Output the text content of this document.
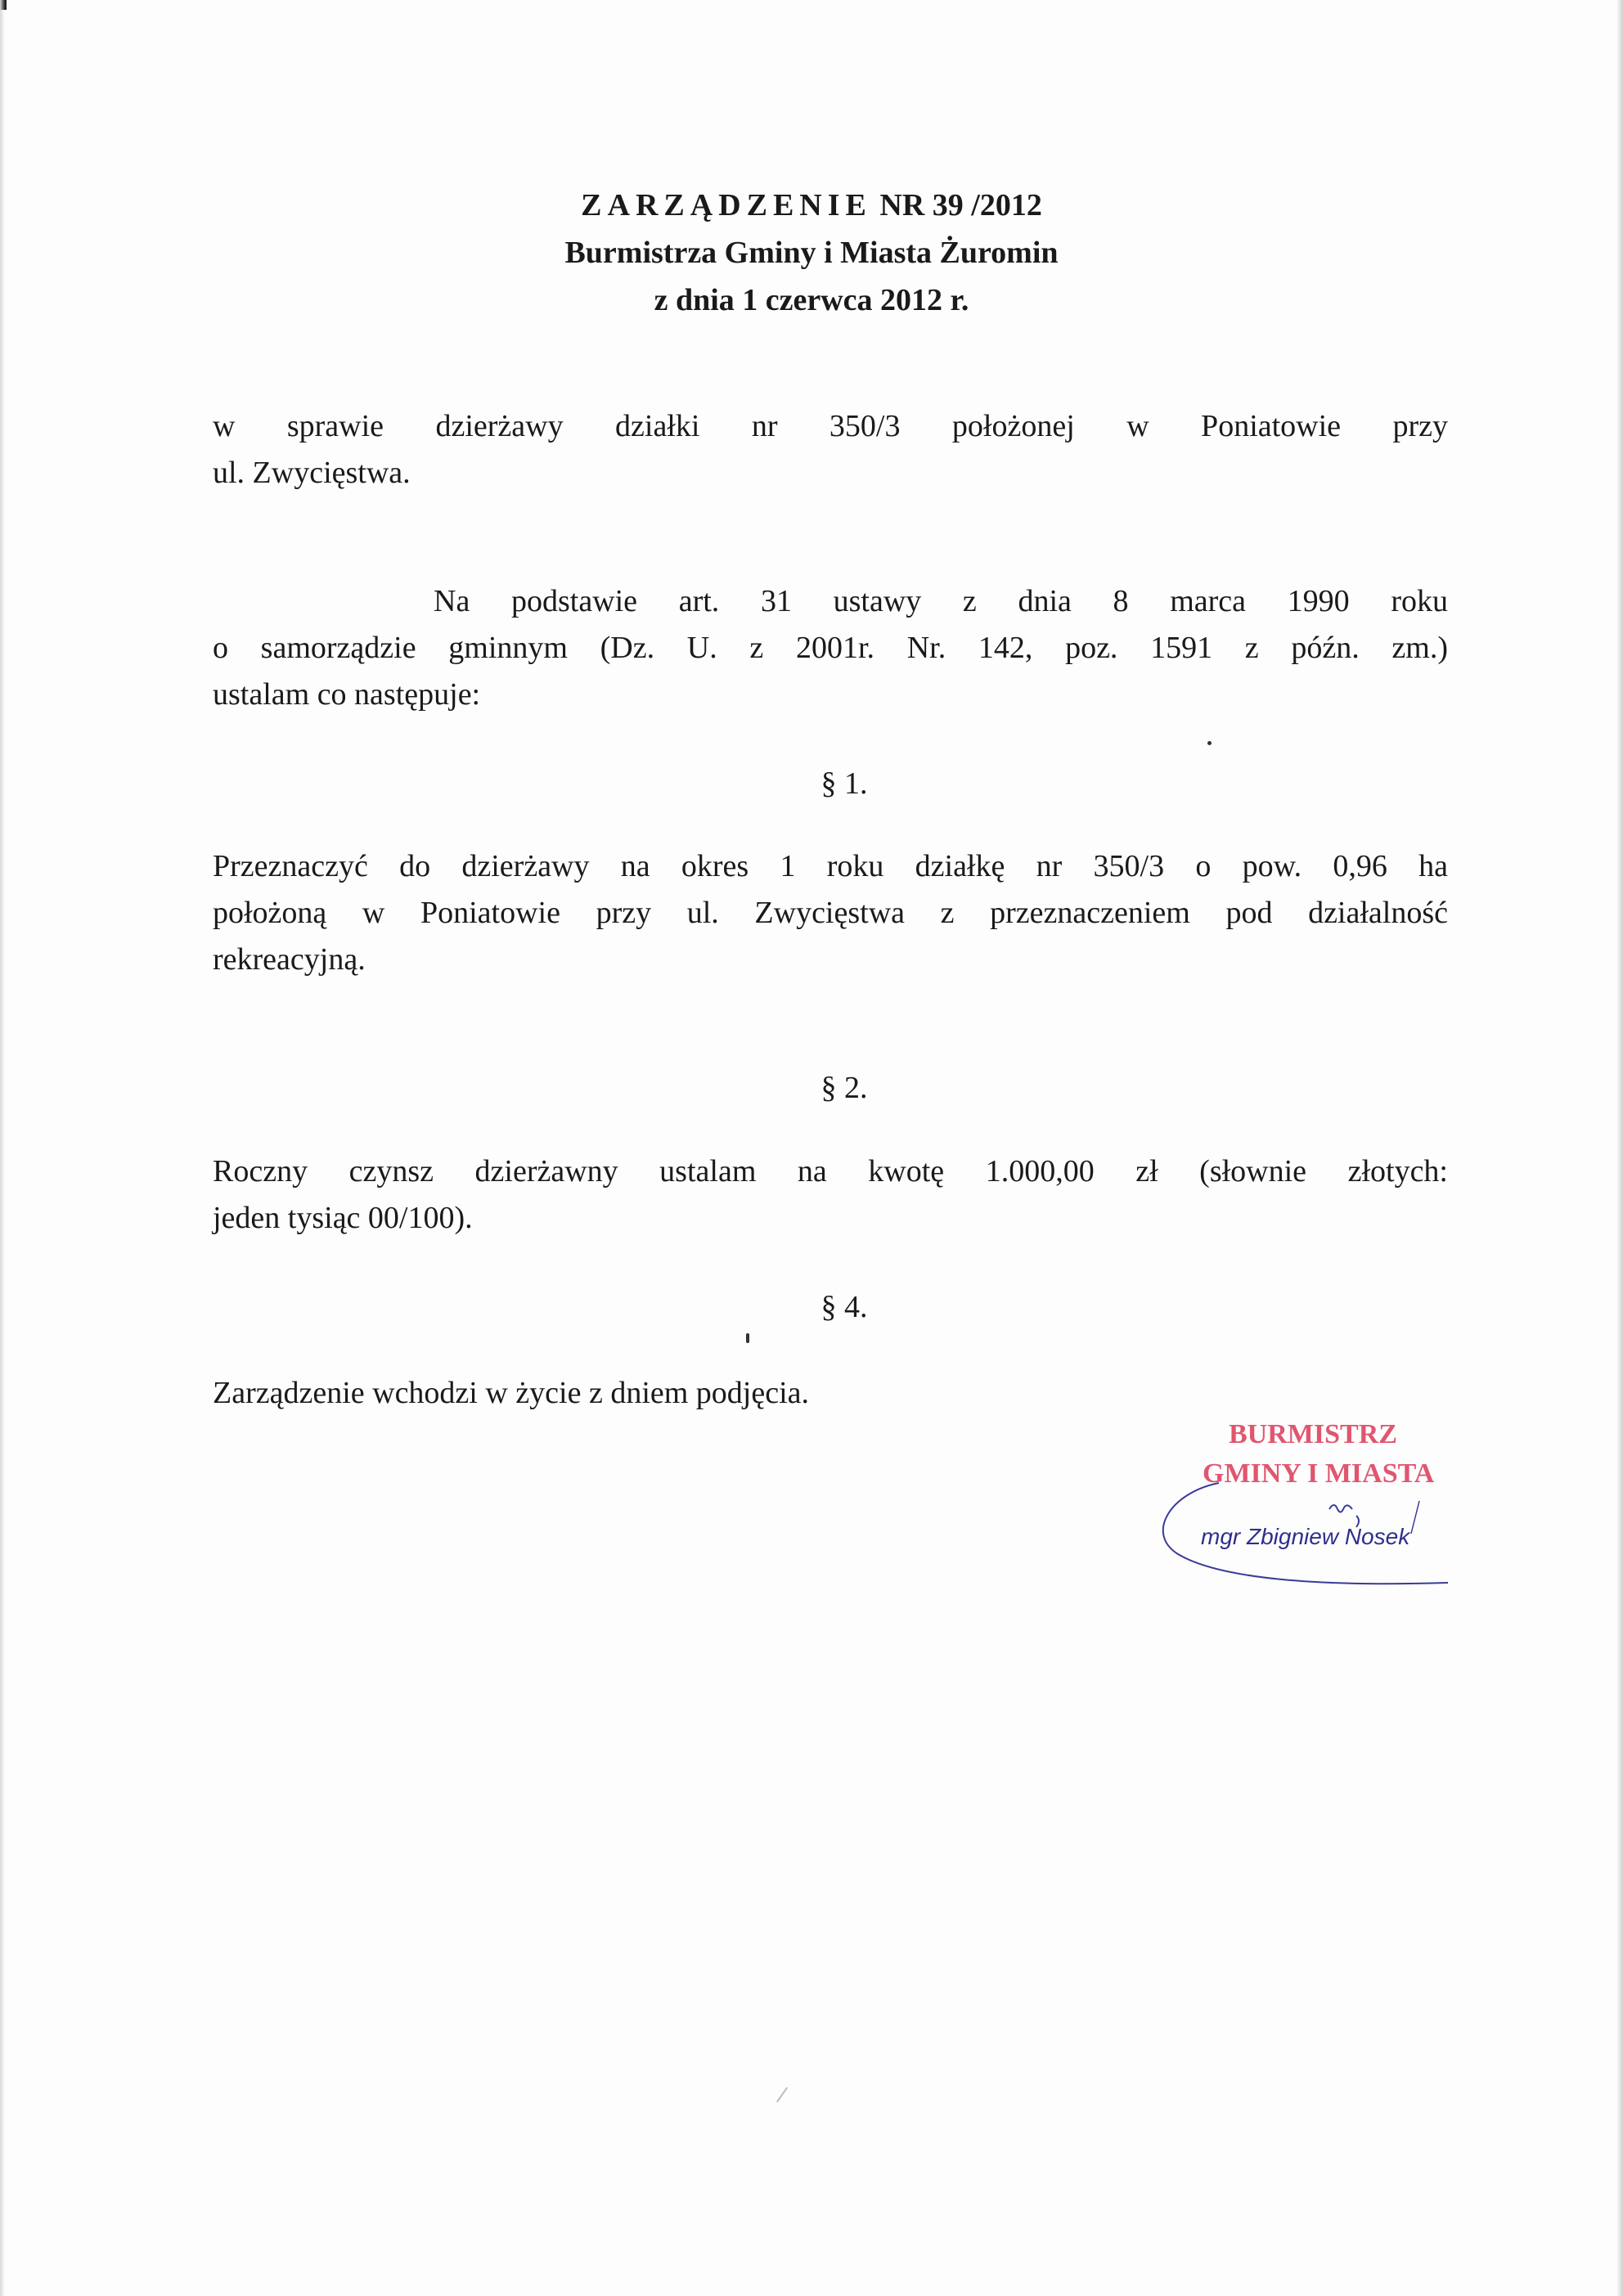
ZARZĄDZENIE NR 39 /2012
Burmistrza Gminy i Miasta Żuromin
z dnia 1 czerwca 2012 r.
w sprawie dzierżawy działki nr 350/3 położonej w Poniatowie przy
ul. Zwycięstwa.
Na podstawie art. 31 ustawy z dnia 8 marca 1990 roku
o samorządzie gminnym (Dz. U. z 2001r. Nr. 142, poz. 1591 z późn. zm.)
ustalam co następuje:
§ 1.
Przeznaczyć do dzierżawy na okres 1 roku działkę nr 350/3 o pow. 0,96 ha
położoną w Poniatowie przy ul. Zwycięstwa z przeznaczeniem pod działalność
rekreacyjną.
§ 2.
Roczny czynsz dzierżawny ustalam na kwotę 1.000,00 zł (słownie złotych:
jeden tysiąc 00/100).
§ 4.
Zarządzenie wchodzi w życie z dniem podjęcia.
BURMISTRZ
GMINY I MIASTA
mgr Zbigniew Nosek
